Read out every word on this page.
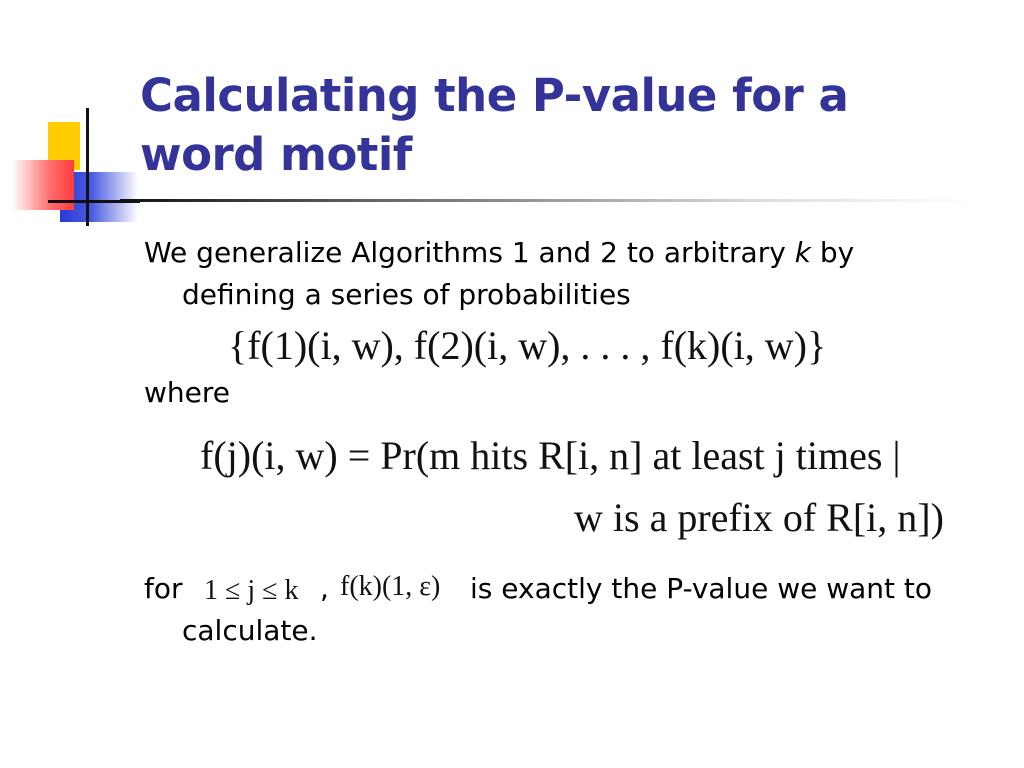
Calculating the P-value for a word motif
We generalize Algorithms 1 and 2 to arbitrary k by
defining a series of probabilities
{f(1)(i, w), f(2)(i, w), . . . , f(k)(i, w)}
where
f(j)(i, w) = Pr(m hits R[i, n] at least j times |
w is a prefix of R[i, n])
for 1 ≤ j ≤ k , f(k)(1, ε) is exactly the P-value we want to
calculate.
